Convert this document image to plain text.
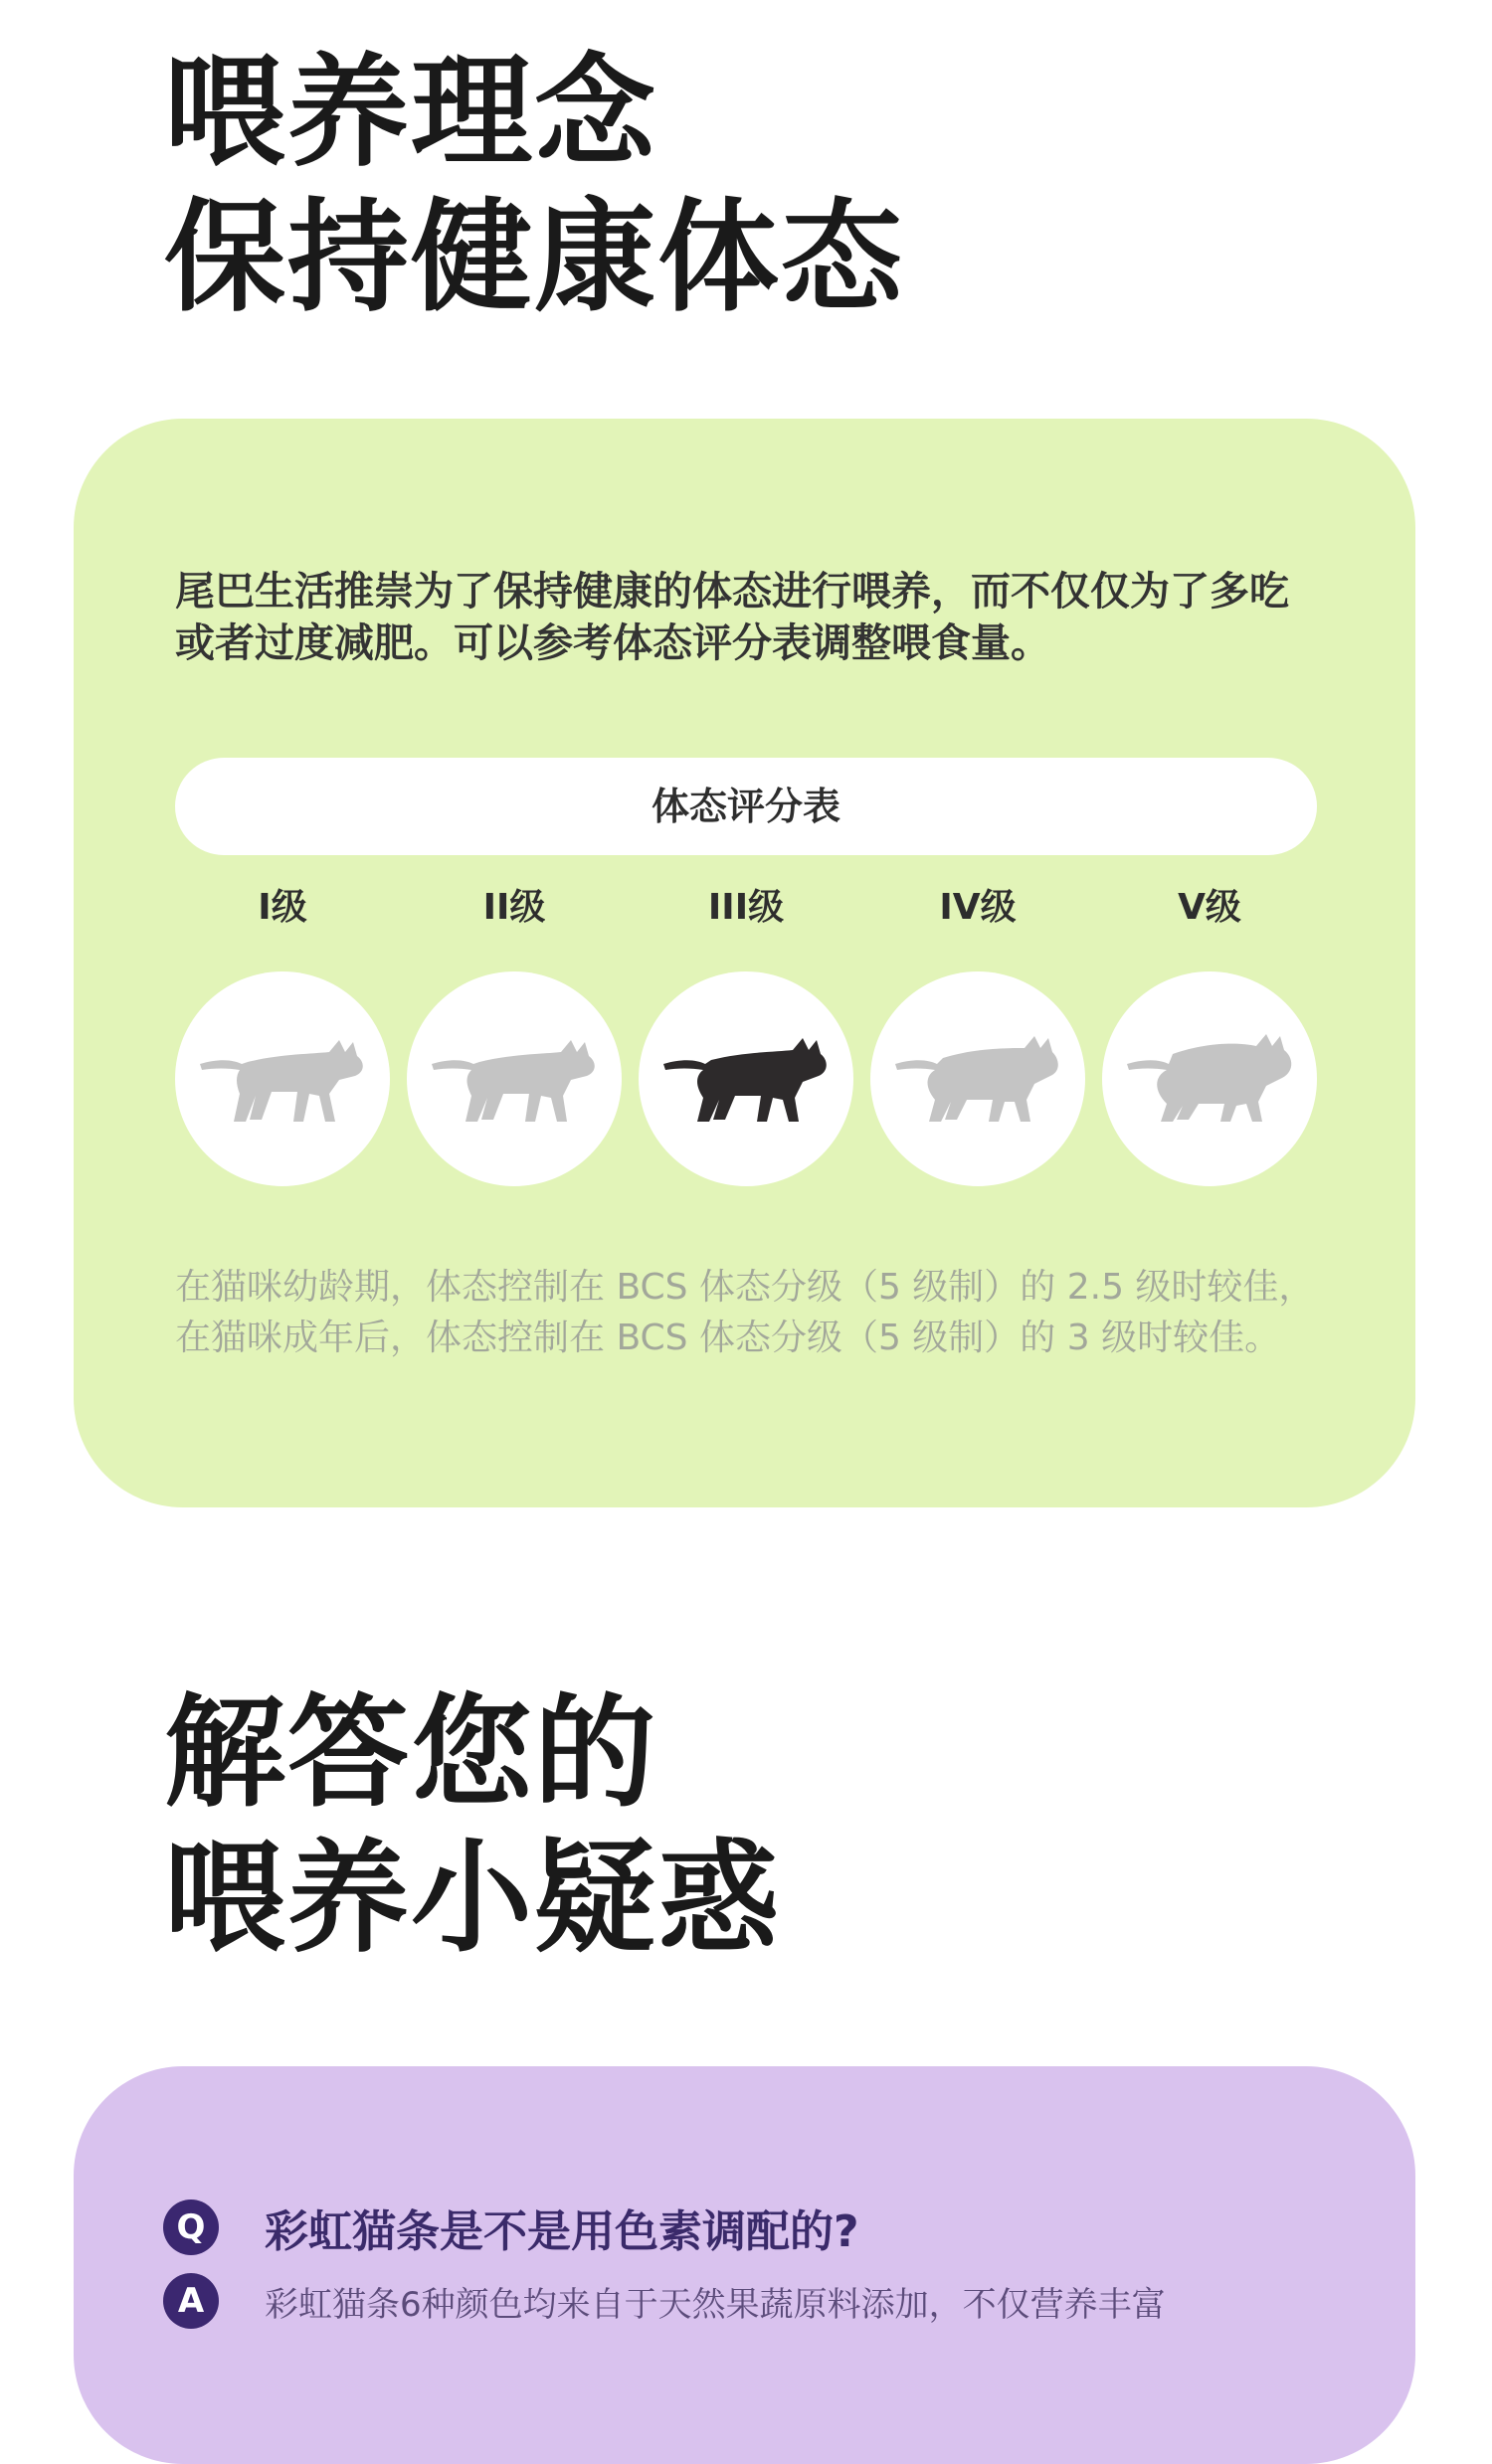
喂养理念
保持健康体态

尾巴生活推崇为了保持健康的体态进行喂养，而不仅仅为了多吃或者过度减肥。可以参考体态评分表调整喂食量。

体态评分表
I级	II级	III级	IV级	V级

在猫咪幼龄期，体态控制在 BCS 体态分级（5 级制）的 2.5 级时较佳，在猫咪成年后，体态控制在 BCS 体态分级（5 级制）的 3 级时较佳。

解答您的
喂养小疑惑
Q	彩虹猫条是不是用色素调配的?
A	彩虹猫条6种颜色均来自于天然果蔬原料添加，不仅营养丰富
